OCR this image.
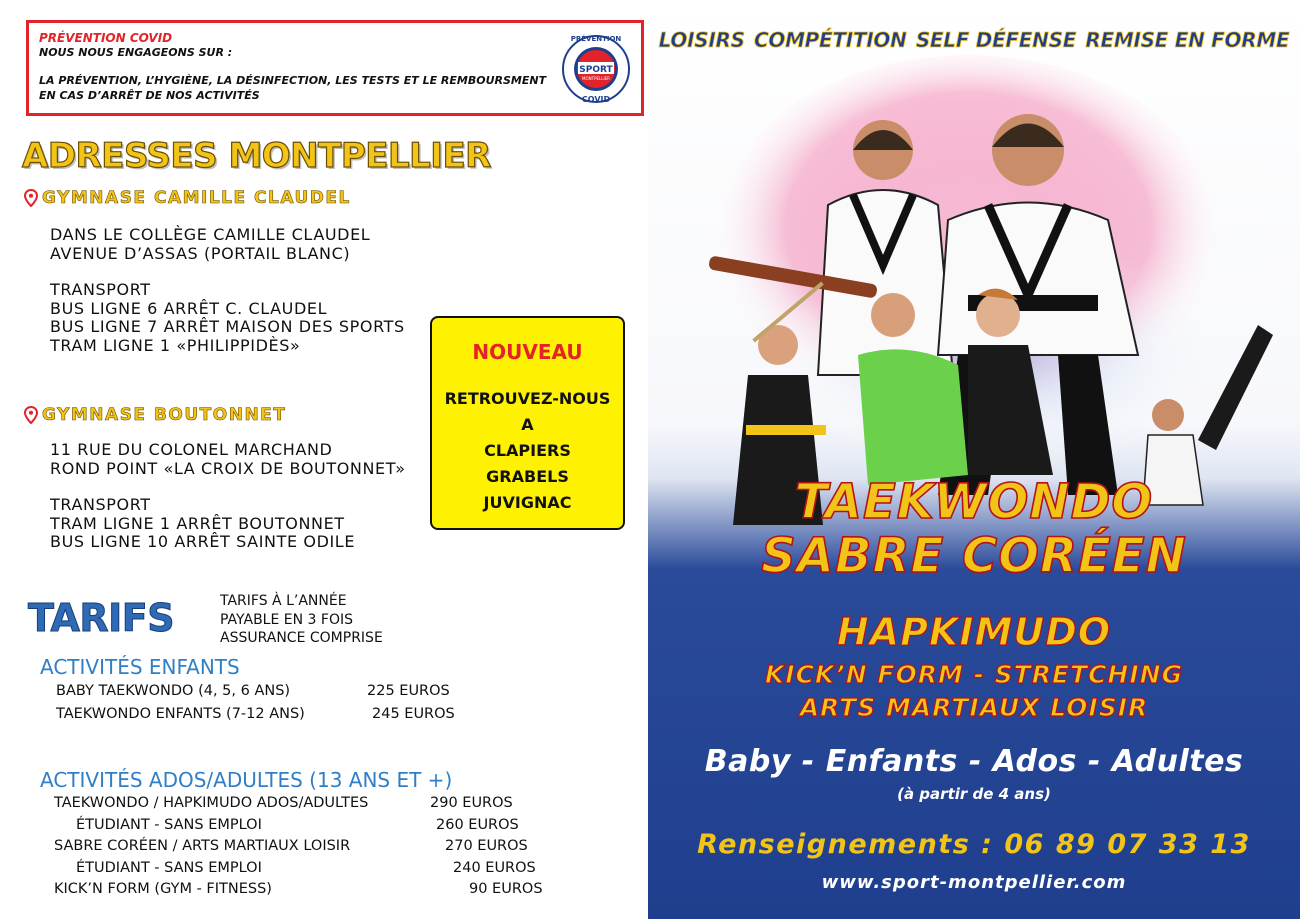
PRÉVENTION COVID
NOUS NOUS ENGAGEONS SUR :
LA PRÉVENTION, L’HYGIÈNE, LA DÉSINFECTION, LES TESTS ET LE REMBOURSMENT
EN CAS D’ARRÊT DE NOS ACTIVITÉS
SPORT
MONTPELLIER
PRÉVENTION
COVID
ADRESSES MONTPELLIER
GYMNASE CAMILLE CLAUDEL
DANS LE COLLÈGE CAMILLE CLAUDEL
AVENUE D’ASSAS (PORTAIL BLANC)
TRANSPORT
BUS LIGNE 6 ARRÊT C. CLAUDEL
BUS LIGNE 7 ARRÊT MAISON DES SPORTS
TRAM LIGNE 1 «PHILIPPIDÈS»
GYMNASE BOUTONNET
11 RUE DU COLONEL MARCHAND
ROND POINT «LA CROIX DE BOUTONNET»
TRANSPORT
TRAM LIGNE 1 ARRÊT BOUTONNET
BUS LIGNE 10 ARRÊT SAINTE ODILE
NOUVEAU
RETROUVEZ-NOUS
A
CLAPIERS
GRABELS
JUVIGNAC
TARIFS	TARIFS À L’ANNÉE
PAYABLE EN 3 FOIS
ASSURANCE COMPRISE
ACTIVITÉS ENFANTS
BABY TAEKWONDO (4, 5, 6 ANS)	225 EUROS
TAEKWONDO ENFANTS (7-12 ANS)	245 EUROS
ACTIVITÉS ADOS/ADULTES (13 ANS ET +)
TAEKWONDO / HAPKIMUDO ADOS/ADULTES	290 EUROS
ÉTUDIANT - SANS EMPLOI	260 EUROS
SABRE CORÉEN / ARTS MARTIAUX LOISIR	270 EUROS
ÉTUDIANT - SANS EMPLOI	240 EUROS
KICK’N FORM (GYM - FITNESS)	90 EUROS
LOISIRS COMPÉTITION SELF DÉFENSE REMISE EN FORME
TAEKWONDO
SABRE CORÉEN
HAPKIMUDO
KICK’N FORM - STRETCHING
ARTS MARTIAUX LOISIR
Baby - Enfants - Ados - Adultes
(à partir de 4 ans)
Renseignements : 06 89 07 33 13
www.sport-montpellier.com
